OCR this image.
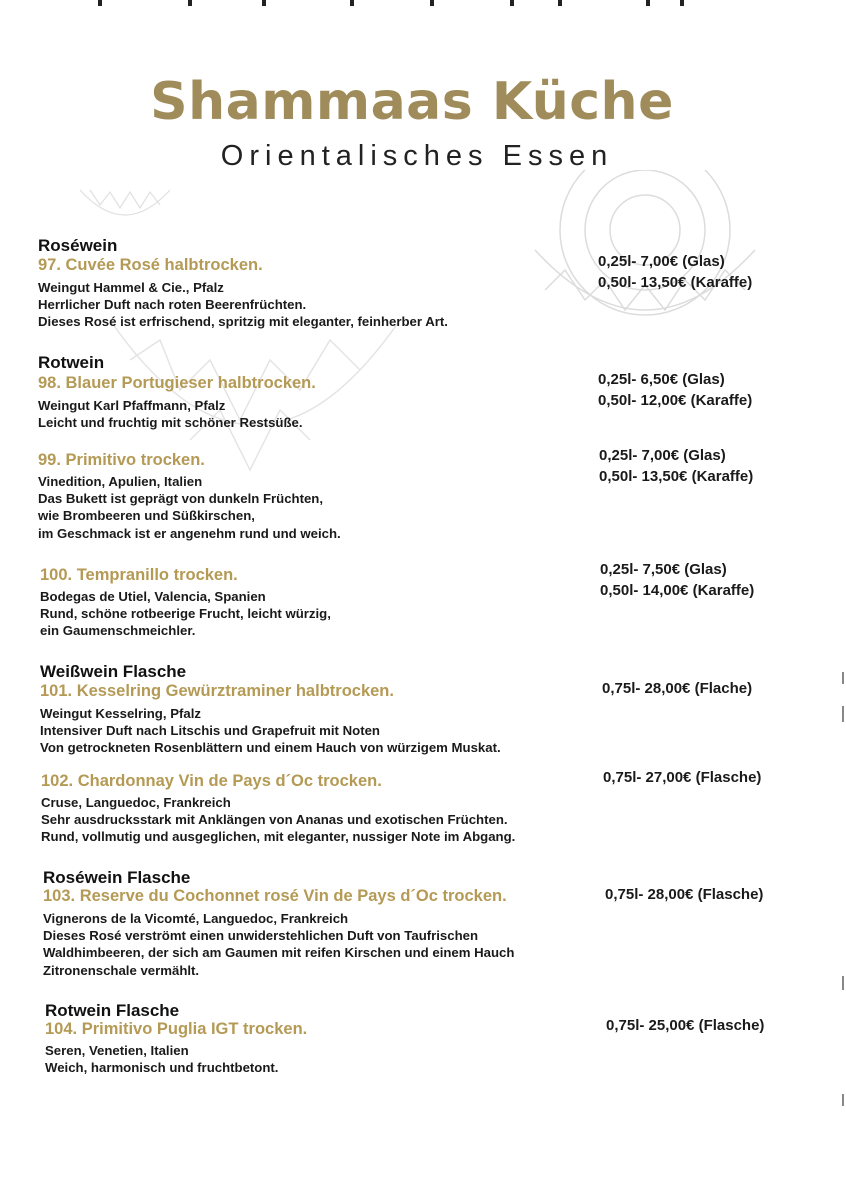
Shammaas Küche
Orientalisches Essen
Roséwein
97. Cuvée Rosé halbtrocken.
Weingut Hammel & Cie., Pfalz
Herrlicher Duft nach roten Beerenfrüchten.
Dieses Rosé ist erfrischend, spritzig mit eleganter, feinherber Art.
0,25l- 7,00€ (Glas)
0,50l- 13,50€ (Karaffe)
Rotwein
98. Blauer Portugieser halbtrocken.
Weingut Karl Pfaffmann, Pfalz
Leicht und fruchtig mit schöner Restsüße.
0,25l- 6,50€ (Glas)
0,50l- 12,00€ (Karaffe)
99. Primitivo trocken.
Vinedition, Apulien, Italien
Das Bukett ist geprägt von dunkeln Früchten,
wie Brombeeren und Süßkirschen,
im Geschmack ist er angenehm rund und weich.
0,25l- 7,00€ (Glas)
0,50l- 13,50€ (Karaffe)
100. Tempranillo trocken.
Bodegas de Utiel, Valencia, Spanien
Rund, schöne rotbeerige Frucht, leicht würzig,
ein Gaumenschmeichler.
0,25l- 7,50€ (Glas)
0,50l- 14,00€ (Karaffe)
Weißwein Flasche
101. Kesselring Gewürztraminer halbtrocken.
Weingut Kesselring, Pfalz
Intensiver Duft nach Litschis und Grapefruit mit Noten
Von getrockneten Rosenblättern und einem Hauch von würzigem Muskat.
0,75l- 28,00€ (Flache)
102. Chardonnay Vin de Pays d´Oc trocken.
Cruse, Languedoc, Frankreich
Sehr ausdrucksstark mit Anklängen von Ananas und exotischen Früchten.
Rund, vollmutig und ausgeglichen, mit eleganter, nussiger Note im Abgang.
0,75l- 27,00€ (Flasche)
Roséwein Flasche
103. Reserve du Cochonnet rosé Vin de Pays d´Oc trocken.
Vignerons de la Vicomté, Languedoc, Frankreich
Dieses Rosé verströmt einen unwiderstehlichen Duft von Taufrischen
Waldhimbeeren, der sich am Gaumen mit reifen Kirschen und einem Hauch
Zitronenschale vermählt.
0,75l- 28,00€ (Flasche)
Rotwein Flasche
104. Primitivo Puglia IGT trocken.
Seren, Venetien, Italien
Weich, harmonisch und fruchtbetont.
0,75l- 25,00€ (Flasche)
